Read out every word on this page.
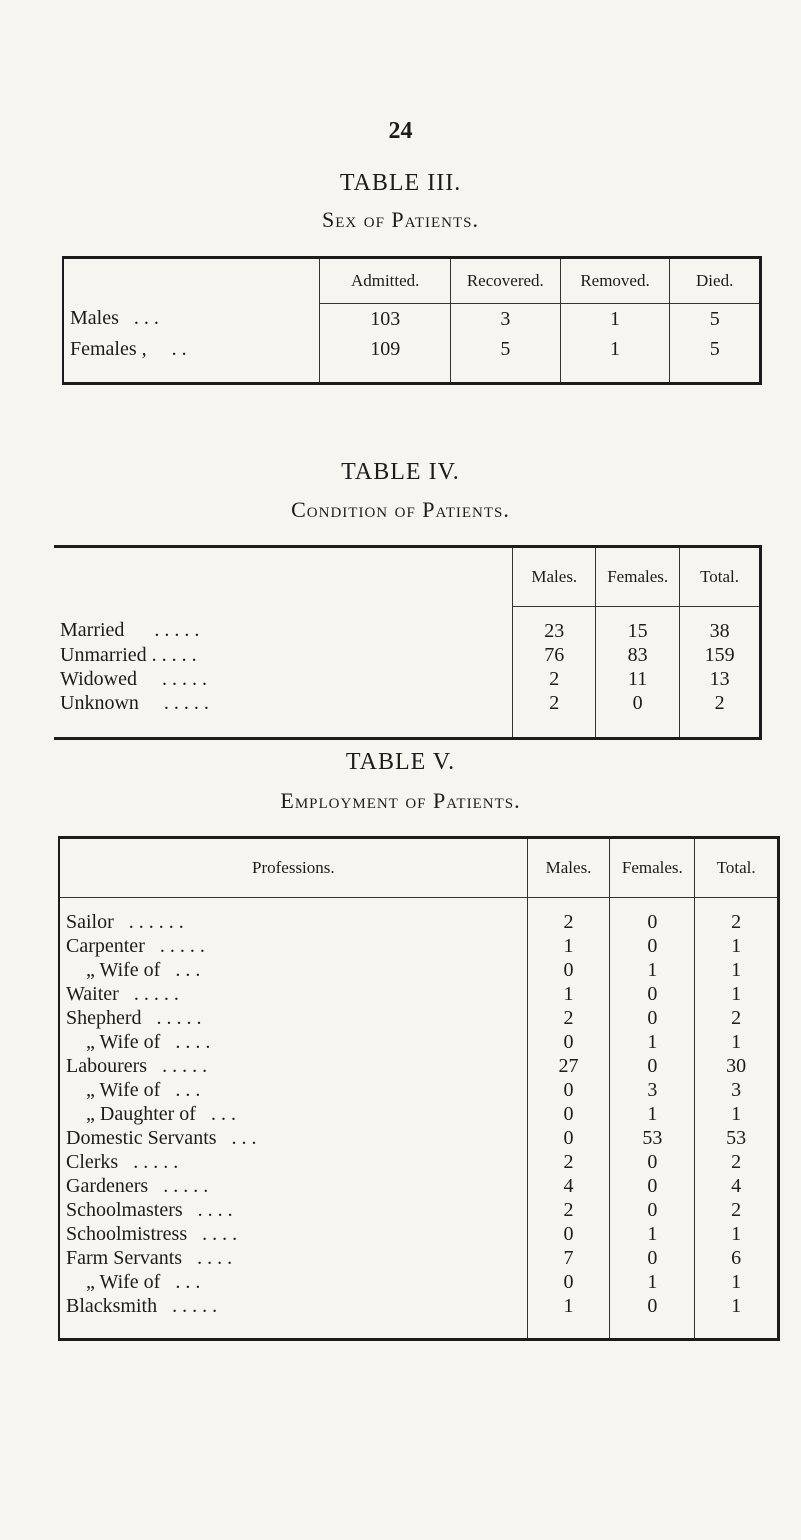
24
TABLE III.
Sex of Patients.
	Admitted.	Recovered.	Removed.	Died.
Males . . .	103	3	1	5
Females , . .	109	5	1	5
TABLE IV.
Condition of Patients.
	Males.	Females.	Total.
Married . . . . .	23	15	38
Unmarried . . . . .	76	83	159
Widowed . . . . .	2	11	13
Unknown . . . . .	2	0	2
TABLE V.
Employment of Patients.
Professions.	Males.	Females.	Total.
Sailor . . . . . .	2	0	2
Carpenter . . . . .	1	0	1
„ Wife of . . .	0	1	1
Waiter . . . . .	1	0	1
Shepherd . . . . .	2	0	2
„ Wife of . . . .	0	1	1
Labourers . . . . .	27	0	30
„ Wife of . . .	0	3	3
„ Daughter of . . .	0	1	1
Domestic Servants . . .	0	53	53
Clerks . . . . .	2	0	2
Gardeners . . . . .	4	0	4
Schoolmasters . . . .	2	0	2
Schoolmistress . . . .	0	1	1
Farm Servants . . . .	7	0	6
„ Wife of . . .	0	1	1
Blacksmith . . . . .	1	0	1
